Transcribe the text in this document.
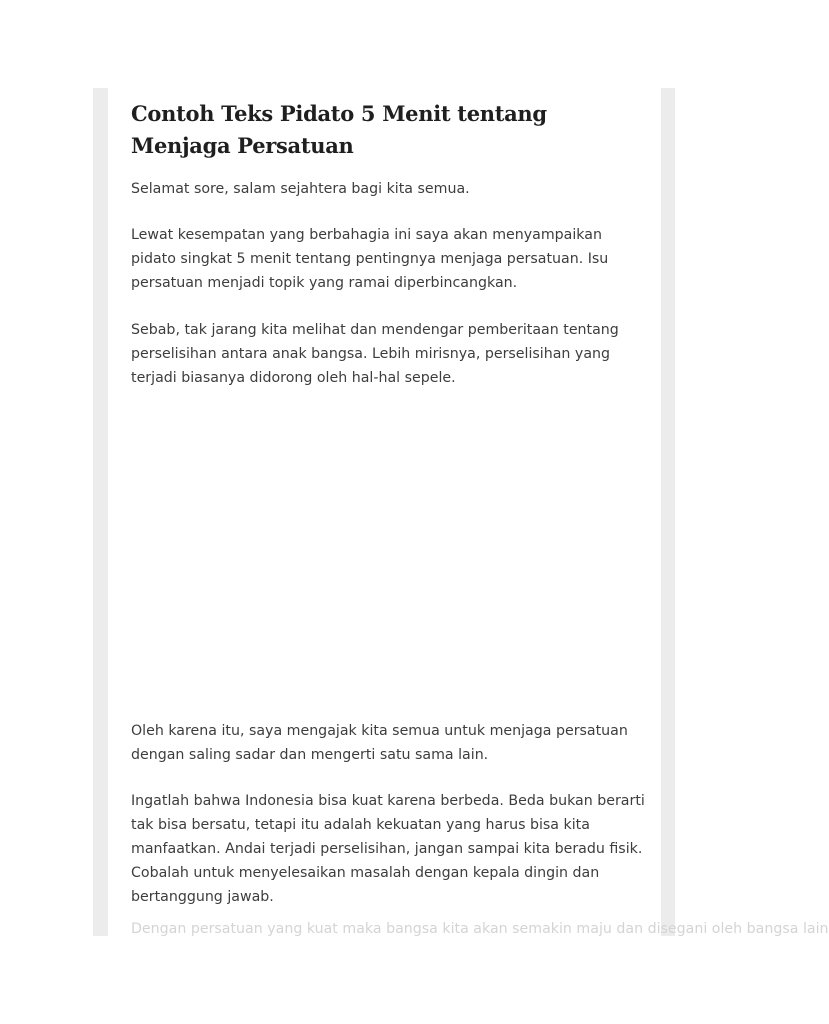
Contoh Teks Pidato 5 Menit tentang Menjaga Persatuan

Selamat sore, salam sejahtera bagi kita semua.

Lewat kesempatan yang berbahagia ini saya akan menyampaikan pidato singkat 5 menit tentang pentingnya menjaga persatuan. Isu persatuan menjadi topik yang ramai diperbincangkan.

Sebab, tak jarang kita melihat dan mendengar pemberitaan tentang perselisihan antara anak bangsa. Lebih mirisnya, perselisihan yang terjadi biasanya didorong oleh hal-hal sepele.

Oleh karena itu, saya mengajak kita semua untuk menjaga persatuan dengan saling sadar dan mengerti satu sama lain.

Ingatlah bahwa Indonesia bisa kuat karena berbeda. Beda bukan berarti tak bisa bersatu, tetapi itu adalah kekuatan yang harus bisa kita manfaatkan. Andai terjadi perselisihan, jangan sampai kita beradu fisik. Cobalah untuk menyelesaikan masalah dengan kepala dingin dan bertanggung jawab.

Dengan persatuan yang kuat maka bangsa kita akan semakin maju dan disegani oleh bangsa lain
